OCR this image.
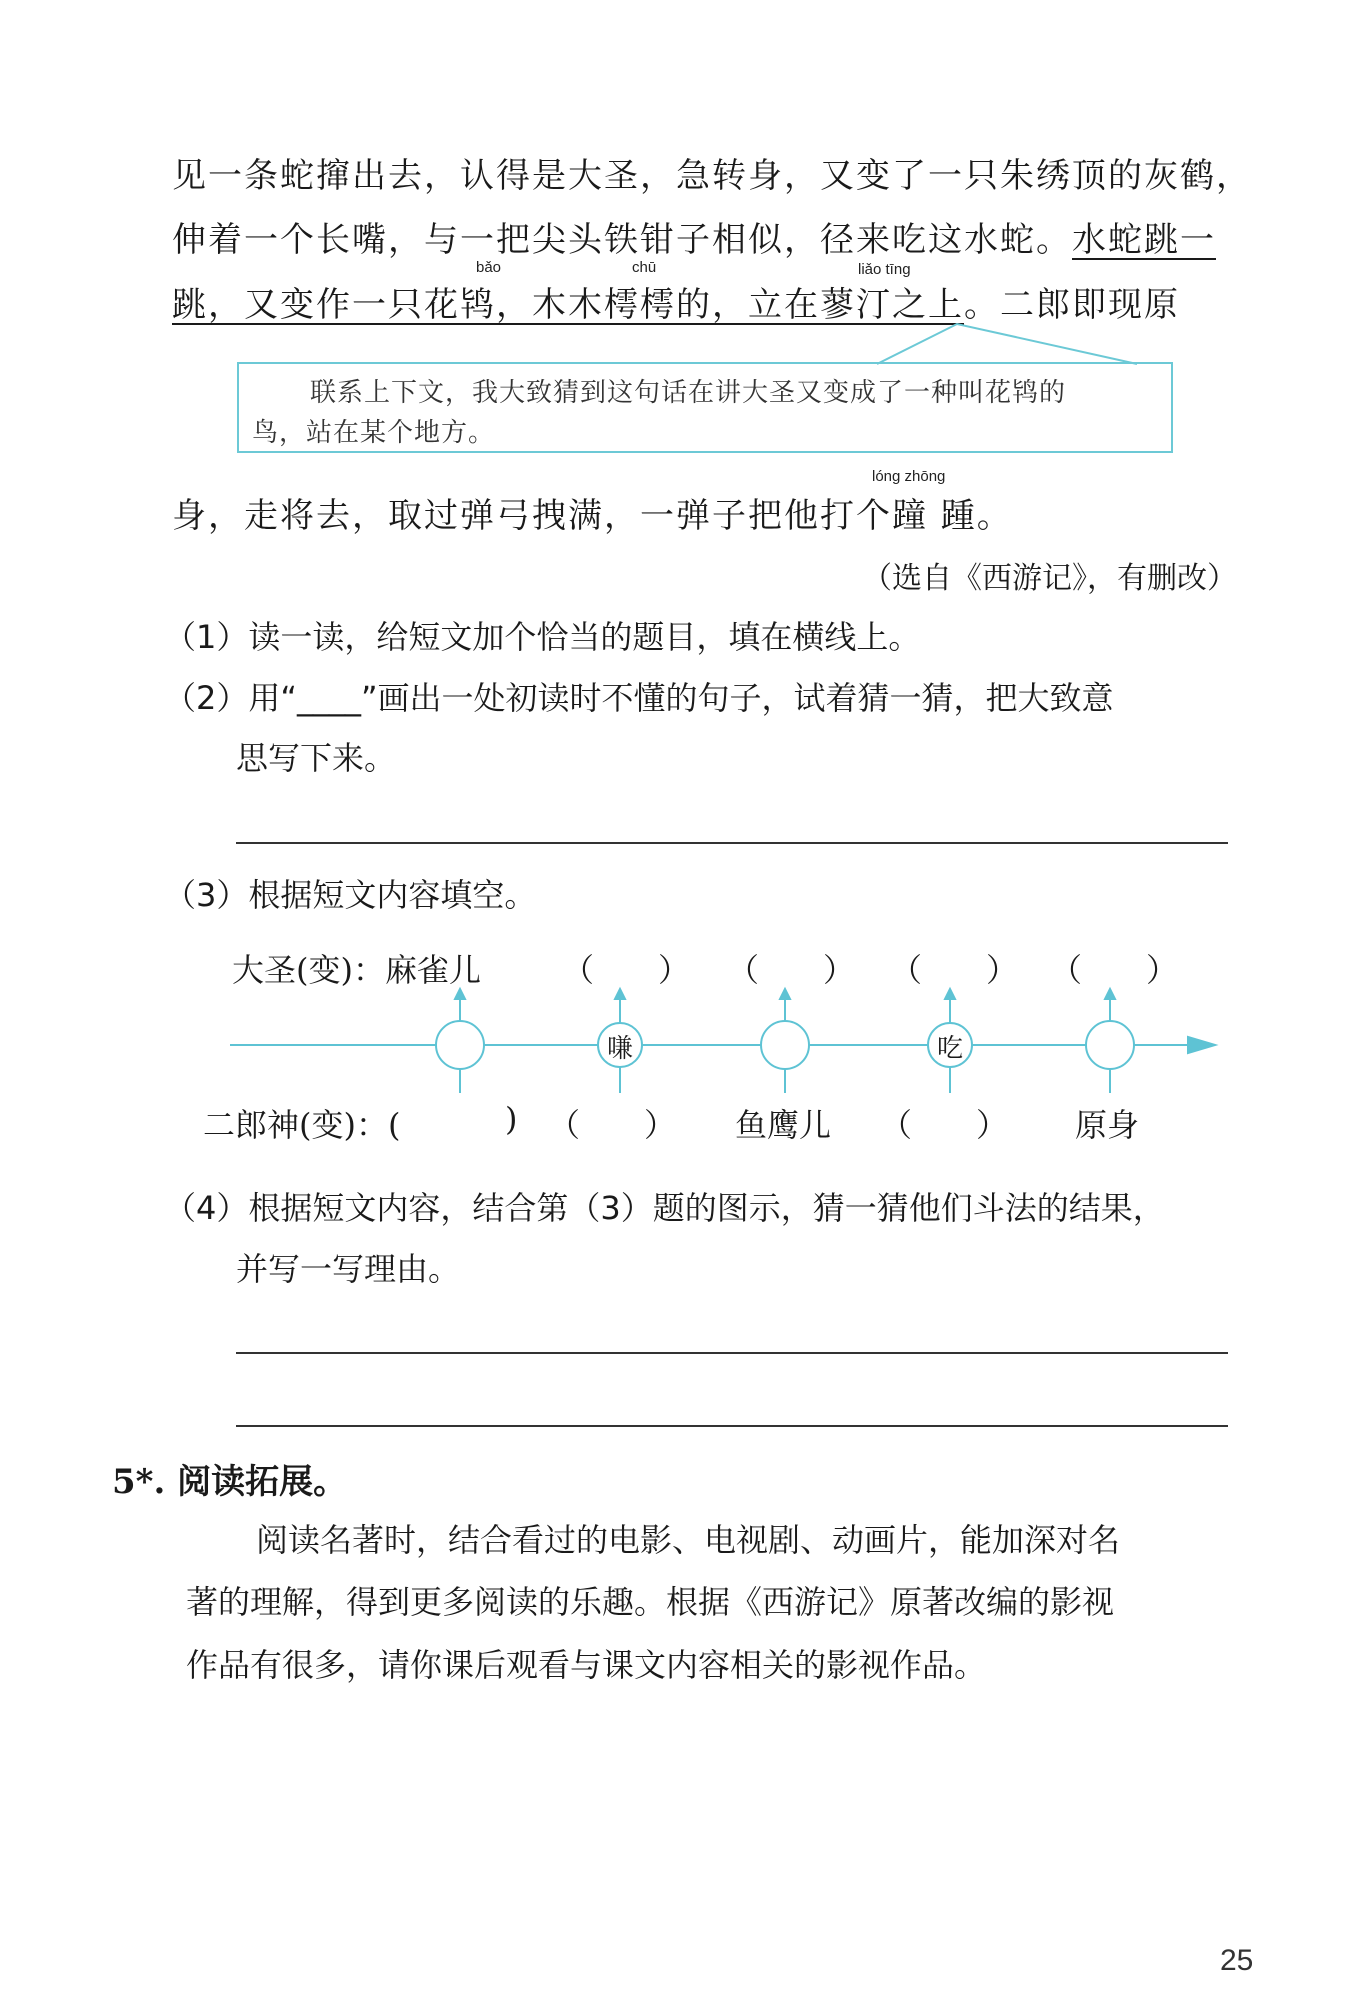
见一条蛇撺出去，认得是大圣，急转身，又变了一只朱绣顶的灰鹤，
伸着一个长嘴，与一把尖头铁钳子相似，径来吃这水蛇。水蛇跳一
bǎo	chū	liǎo tīng
跳，又变作一只花鸨，木木樗樗的，立在蓼汀之上。二郎即现原
联系上下文，我大致猜到这句话在讲大圣又变成了一种叫花鸨的
鸟，站在某个地方。
lóng zhōng
身，走将去，取过弹弓拽满，一弹子把他打个蹱 踵。
（选自《西游记》，有删改）
（1）读一读，给短文加个恰当的题目，填在横线上。
（2）用“____”画出一处初读时不懂的句子，试着猜一猜，把大致意
思写下来。
（3）根据短文内容填空。
大圣(变)：麻雀儿	（　　） （　　） （　　） （　　）
嗛	吃
二郎神(变)：(	) （　　） 鱼鹰儿 （　　） 原身
（4）根据短文内容，结合第（3）题的图示，猜一猜他们斗法的结果，
并写一写理由。
5*. 阅读拓展。
阅读名著时，结合看过的电影、电视剧、动画片，能加深对名
著的理解，得到更多阅读的乐趣。根据《西游记》原著改编的影视
作品有很多，请你课后观看与课文内容相关的影视作品。
25
